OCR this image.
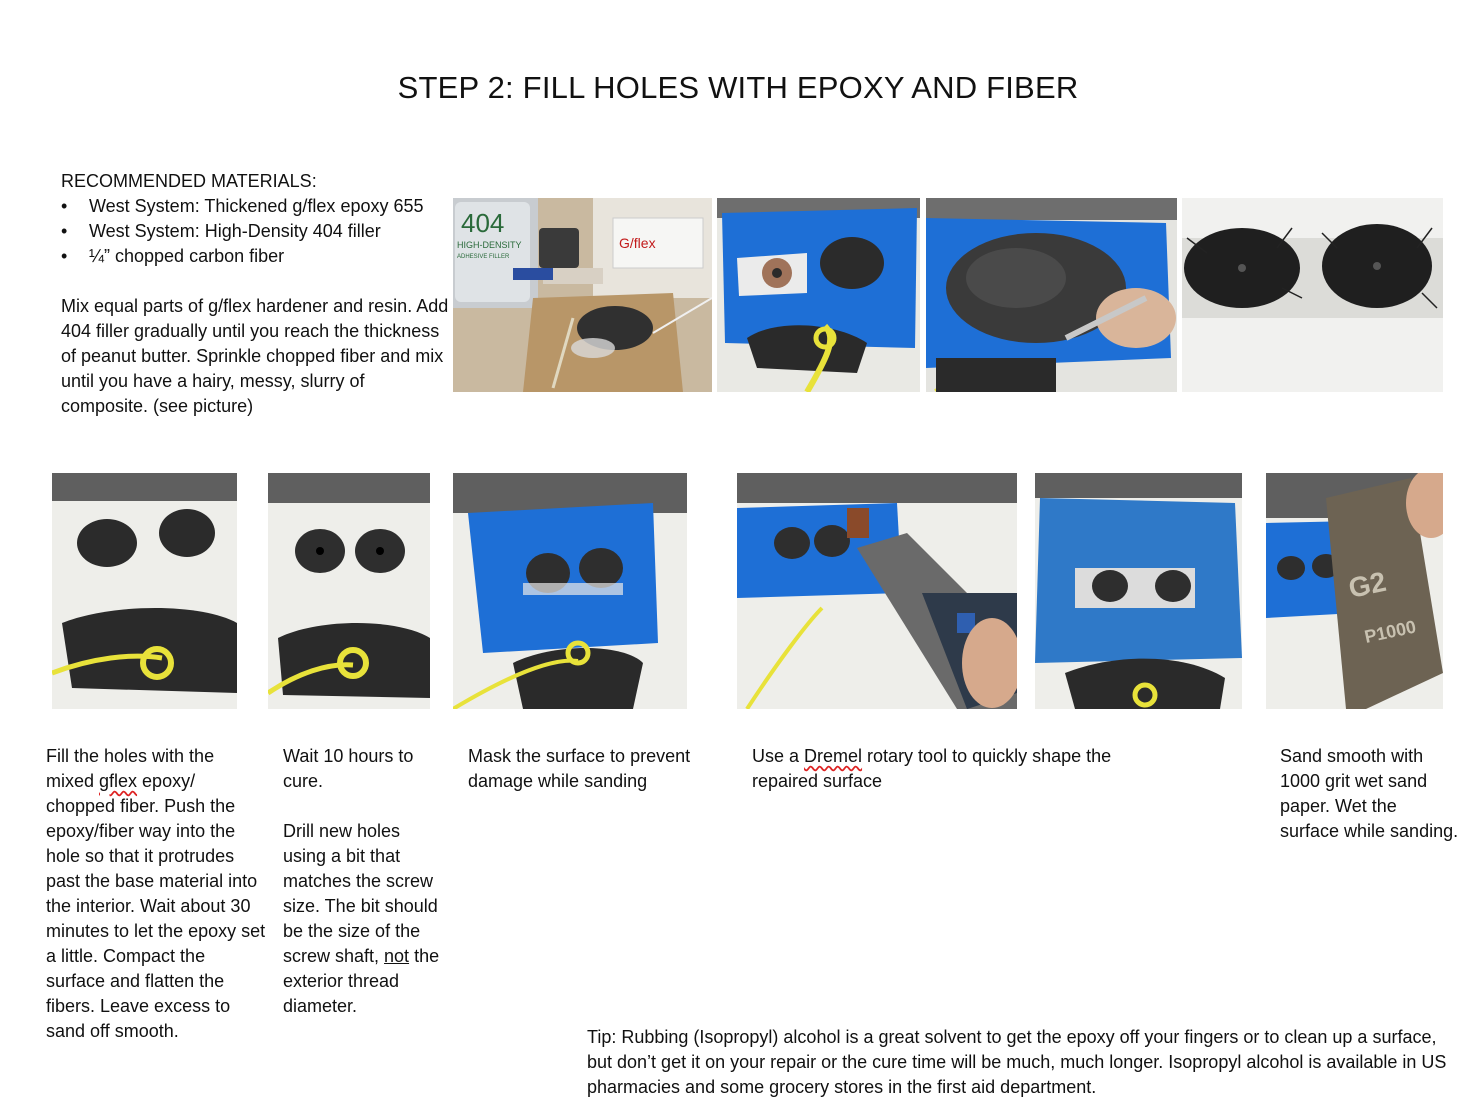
STEP 2: FILL HOLES WITH EPOXY AND FIBER
RECOMMENDED MATERIALS:
• West System: Thickened g/flex epoxy 655
• West System: High-Density 404 filler
• ¼” chopped carbon fiber
Mix equal parts of g/flex hardener and resin. Add 404 filler gradually until you reach the thickness of peanut butter. Sprinkle chopped fiber and mix until you have a hairy, messy, slurry of composite. (see picture)
404
HIGH-DENSITY
ADHESIVE FILLER
G/flex
G2
P1000
Fill the holes with the mixed gflex epoxy/ chopped fiber. Push the epoxy/fiber way into the hole so that it protrudes past the base material into the interior. Wait about 30 minutes to let the epoxy set a little. Compact the surface and flatten the fibers. Leave excess to sand off smooth.
Wait 10 hours to cure.
Drill new holes using a bit that matches the screw size. The bit should be the size of the screw shaft, not the exterior thread diameter.
Mask the surface to prevent damage while sanding
Use a Dremel rotary tool to quickly shape the repaired surface
Sand smooth with 1000 grit wet sand paper. Wet the surface while sanding.
Tip: Rubbing (Isopropyl) alcohol is a great solvent to get the epoxy off your fingers or to clean up a surface, but don’t get it on your repair or the cure time will be much, much longer. Isopropyl alcohol is available in US pharmacies and some grocery stores in the first aid department.
